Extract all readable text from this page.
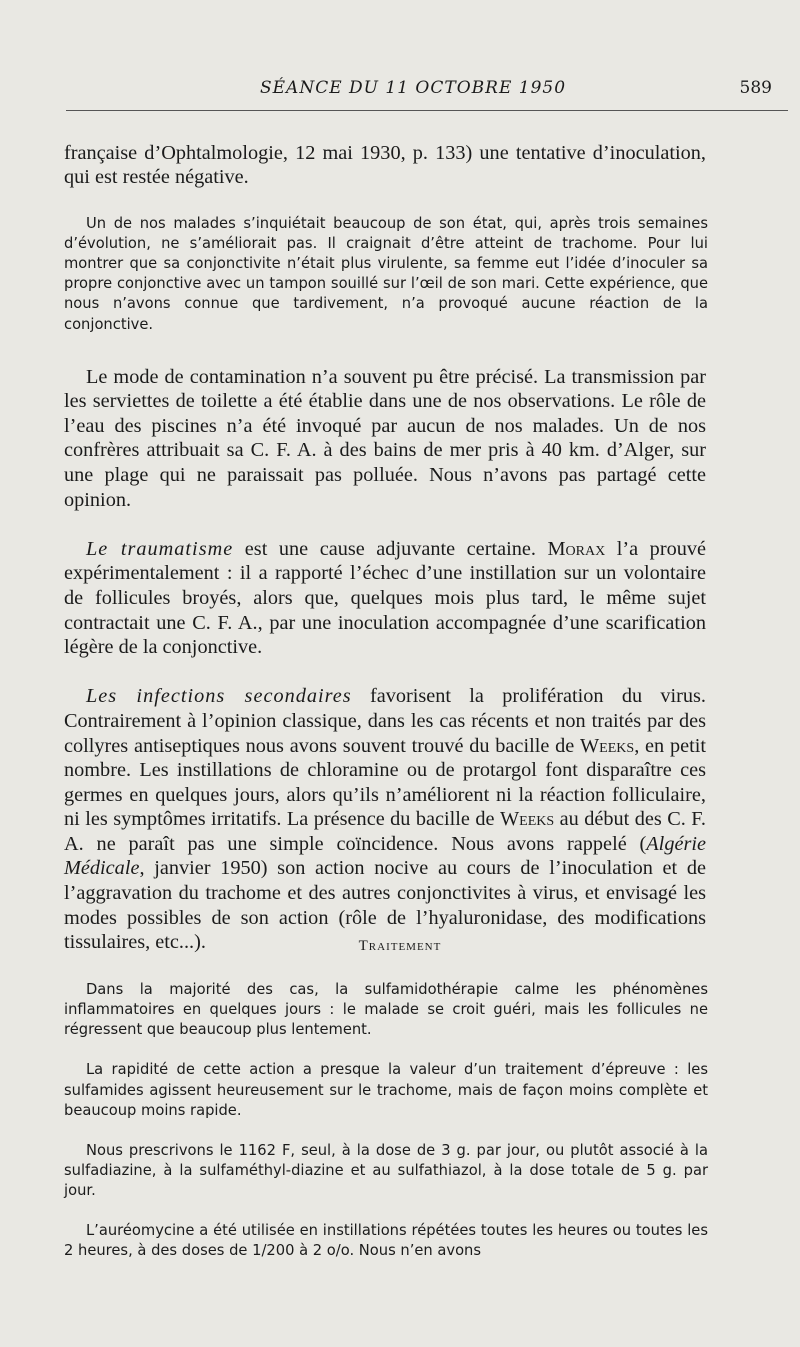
SÉANCE DU 11 OCTOBRE 1950	589

française d’Ophtalmologie, 12 mai 1930, p. 133) une tentative d’inoculation, qui est restée négative.

Un de nos malades s’inquiétait beaucoup de son état, qui, après trois semaines d’évolution, ne s’améliorait pas. Il craignait d’être atteint de trachome. Pour lui montrer que sa conjonctivite n’était plus virulente, sa femme eut l’idée d’inoculer sa propre conjonctive avec un tampon souillé sur l’œil de son mari. Cette expérience, que nous n’avons connue que tardivement, n’a provoqué aucune réaction de la conjonctive.

Le mode de contamination n’a souvent pu être précisé. La transmission par les serviettes de toilette a été établie dans une de nos observations. Le rôle de l’eau des piscines n’a été invoqué par aucun de nos malades. Un de nos confrères attribuait sa C. F. A. à des bains de mer pris à 40 km. d’Alger, sur une plage qui ne paraissait pas polluée. Nous n’avons pas partagé cette opinion.

Le traumatisme est une cause adjuvante certaine. Morax l’a prouvé expérimentalement : il a rapporté l’échec d’une instillation sur un volontaire de follicules broyés, alors que, quelques mois plus tard, le même sujet contractait une C. F. A., par une inoculation accompagnée d’une scarification légère de la conjonctive.

Les infections secondaires favorisent la prolifération du virus. Contrairement à l’opinion classique, dans les cas récents et non traités par des collyres antiseptiques nous avons souvent trouvé du bacille de Weeks, en petit nombre. Les instillations de chloramine ou de protargol font disparaître ces germes en quelques jours, alors qu’ils n’améliorent ni la réaction folliculaire, ni les symptômes irritatifs. La présence du bacille de Weeks au début des C. F. A. ne paraît pas une simple coïncidence. Nous avons rappelé (Algérie Médicale, janvier 1950) son action nocive au cours de l’inoculation et de l’aggravation du trachome et des autres conjonctivites à virus, et envisagé les modes possibles de son action (rôle de l’hyaluronidase, des modifications tissulaires, etc...).	Traitement

Dans la majorité des cas, la sulfamidothérapie calme les phénomènes inflammatoires en quelques jours : le malade se croit guéri, mais les follicules ne régressent que beaucoup plus lentement.

La rapidité de cette action a presque la valeur d’un traitement d’épreuve : les sulfamides agissent heureusement sur le trachome, mais de façon moins complète et beaucoup moins rapide.

Nous prescrivons le 1162 F, seul, à la dose de 3 g. par jour, ou plutôt associé à la sulfadiazine, à la sulfaméthyl-diazine et au sulfathiazol, à la dose totale de 5 g. par jour.

L’auréomycine a été utilisée en instillations répétées toutes les heures ou toutes les 2 heures, à des doses de 1/200 à 2 o/o. Nous n’en avons
